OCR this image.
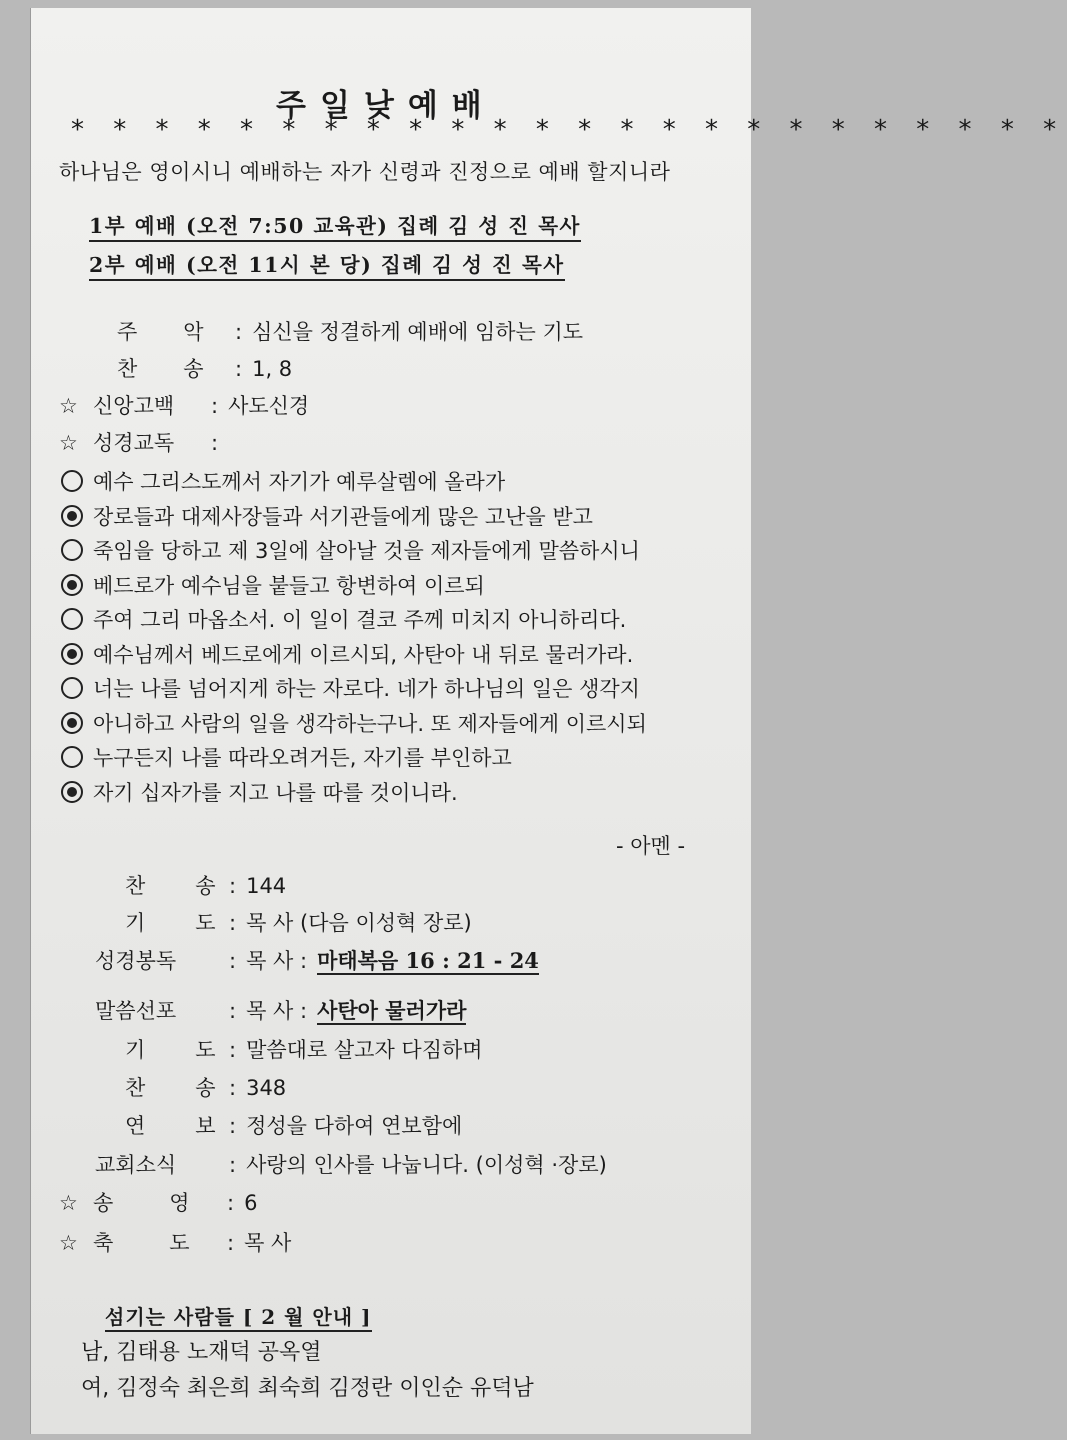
주일낮예배
* * * * * * * * * * * * * * * * * * * * * * * *
하나님은 영이시니 예배하는 자가 신령과 진정으로 예배 할지니라
1부 예배 (오전 7:50 교육관) 집례 김 성 진 목사
2부 예배 (오전 11시 본 당) 집례 김 성 진 목사
주 악 : 심신을 정결하게 예배에 임하는 기도
찬 송 : 1, 8
☆ 신앙고백 : 사도신경
☆ 성경교독 :
예수 그리스도께서 자기가 예루살렘에 올라가
장로들과 대제사장들과 서기관들에게 많은 고난을 받고
죽임을 당하고 제 3일에 살아날 것을 제자들에게 말씀하시니
베드로가 예수님을 붙들고 항변하여 이르되
주여 그리 마옵소서. 이 일이 결코 주께 미치지 아니하리다.
예수님께서 베드로에게 이르시되, 사탄아 내 뒤로 물러가라.
너는 나를 넘어지게 하는 자로다. 네가 하나님의 일은 생각지
아니하고 사람의 일을 생각하는구나. 또 제자들에게 이르시되
누구든지 나를 따라오려거든, 자기를 부인하고
자기 십자가를 지고 나를 따를 것이니라.
- 아멘 -
찬 송 : 144
기 도 : 목 사 (다음 이성혁 장로)
성경봉독	: 목 사 : 마태복음 16 : 21 - 24
말씀선포	: 목 사 : 사탄아 물러가라
기 도 : 말씀대로 살고자 다짐하며
찬 송 : 348
연 보 : 정성을 다하여 연보함에
교회소식	: 사랑의 인사를 나눕니다. (이성혁 ·장로)
☆ 송	영 : 6
☆ 축	도 : 목 사
섬기는 사람들 [ 2 월 안내 ]
남, 김태용 노재덕 공옥열
여, 김정숙 최은희 최숙희 김정란 이인순 유덕남
